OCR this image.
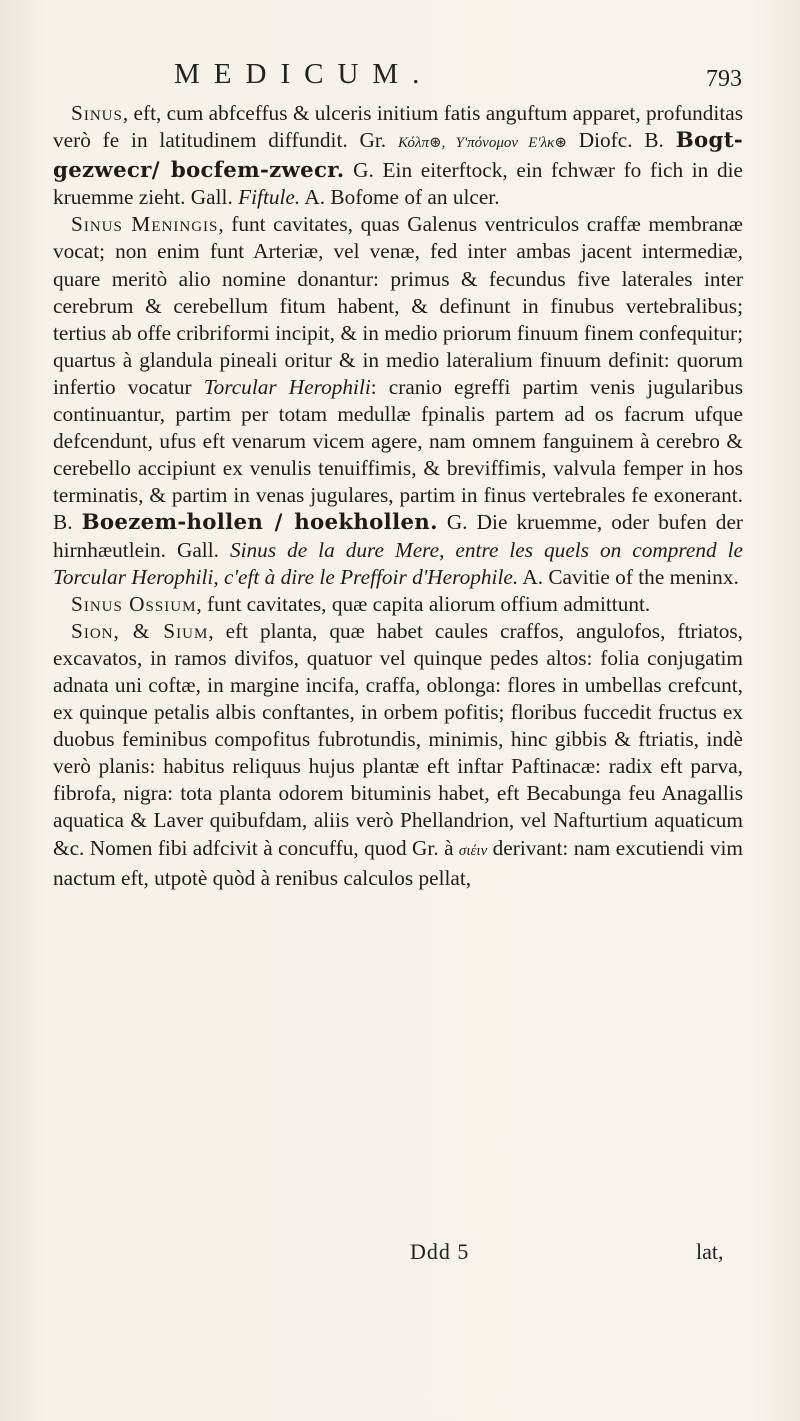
MEDICUM.	793

Sinus, eft, cum abfceffus & ulceris initium fatis anguftum apparet, profunditas verò fe in latitudinem diffundit. Gr. Κόλπ⊛, Υ'πόνομον Ε'λκ⊛ Diofc. B. Bogt-gezwecr/ bocfem-zwecr. G. Ein eiterftock, ein fchwær fo fich in die kruemme zieht. Gall. Fiftule. A. Bofome of an ulcer.

Sinus Meningis, funt cavitates, quas Galenus ventriculos craffæ membranæ vocat; non enim funt Arteriæ, vel venæ, fed inter ambas jacent intermediæ, quare meritò alio nomine donantur: primus & fecundus five laterales inter cerebrum & cerebellum fitum habent, & definunt in finubus vertebralibus; tertius ab offe cribriformi incipit, & in medio priorum finuum finem confequitur; quartus à glandula pineali oritur & in medio lateralium finuum definit: quorum infertio vocatur Torcular Herophili: cranio egreffi partim venis jugularibus continuantur, partim per totam medullæ fpinalis partem ad os facrum ufque defcendunt, ufus eft venarum vicem agere, nam omnem fanguinem à cerebro & cerebello accipiunt ex venulis tenuiffimis, & breviffimis, valvula femper in hos terminatis, & partim in venas jugulares, partim in finus vertebrales fe exonerant. B. Boezem-hollen / hoekhollen. G. Die kruemme, oder bufen der hirnhæutlein. Gall. Sinus de la dure Mere, entre les quels on comprend le Torcular Herophili, c'eft à dire le Preffoir d'Herophile. A. Cavitie of the meninx.

Sinus Ossium, funt cavitates, quæ capita aliorum offium admittunt.

Sion, & Sium, eft planta, quæ habet caules craffos, angulofos, ftriatos, excavatos, in ramos divifos, quatuor vel quinque pedes altos: folia conjugatim adnata uni coftæ, in margine incifa, craffa, oblonga: flores in umbellas crefcunt, ex quinque petalis albis conftantes, in orbem pofitis; floribus fuccedit fructus ex duobus feminibus compofitus fubrotundis, minimis, hinc gibbis & ftriatis, indè verò planis: habitus reliquus hujus plantæ eft inftar Paftinacæ: radix eft parva, fibrofa, nigra: tota planta odorem bituminis habet, eft Becabunga feu Anagallis aquatica & Laver quibufdam, aliis verò Phellandrion, vel Nafturtium aquaticum &c. Nomen fibi adfcivit à concuffu, quod Gr. à σιέιν derivant: nam excutiendi vim nactum eft, utpotè quòd à renibus calculos pellat,

Ddd 5	lat,
